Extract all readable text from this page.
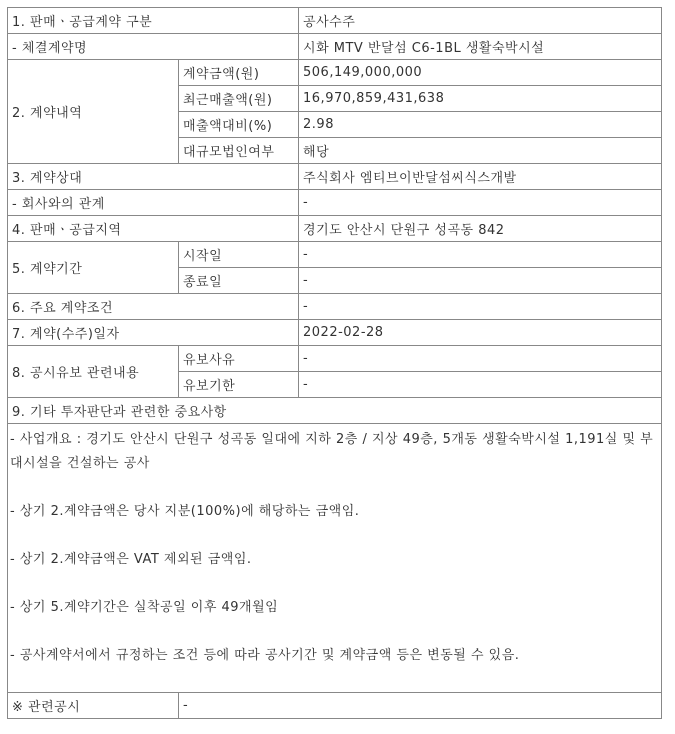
1. 판매ㆍ공급계약 구분		공사수주
- 체결계약명		시화 MTV 반달섬 C6-1BL 생활숙박시설
2. 계약내역	계약금액(원)	506,149,000,000
	최근매출액(원)	16,970,859,431,638
	매출액대비(%)	2.98
	대규모법인여부	해당
3. 계약상대		주식회사 엠티브이반달섬씨식스개발
- 회사와의 관계		-
4. 판매ㆍ공급지역		경기도 안산시 단원구 성곡동 842
5. 계약기간	시작일	-
	종료일	-
6. 주요 계약조건		-
7. 계약(수주)일자		2022-02-28
8. 공시유보 관련내용	유보사유	-
	유보기한	-
9. 기타 투자판단과 관련한 중요사항		

- 사업개요 : 경기도 안산시 단원구 성곡동 일대에 지하 2층 / 지상 49층, 5개동 생활숙박시설 1,191실 및 부대시설을 건설하는 공사

- 상기 2.계약금액은 당사 지분(100%)에 해당하는 금액임.

- 상기 2.계약금액은 VAT 제외된 금액임.

- 상기 5.계약기간은 실착공일 이후 49개월임

- 공사계약서에서 규정하는 조건 등에 따라 공사기간 및 계약금액 등은 변동될 수 있음.		

※ 관련공시	-	
